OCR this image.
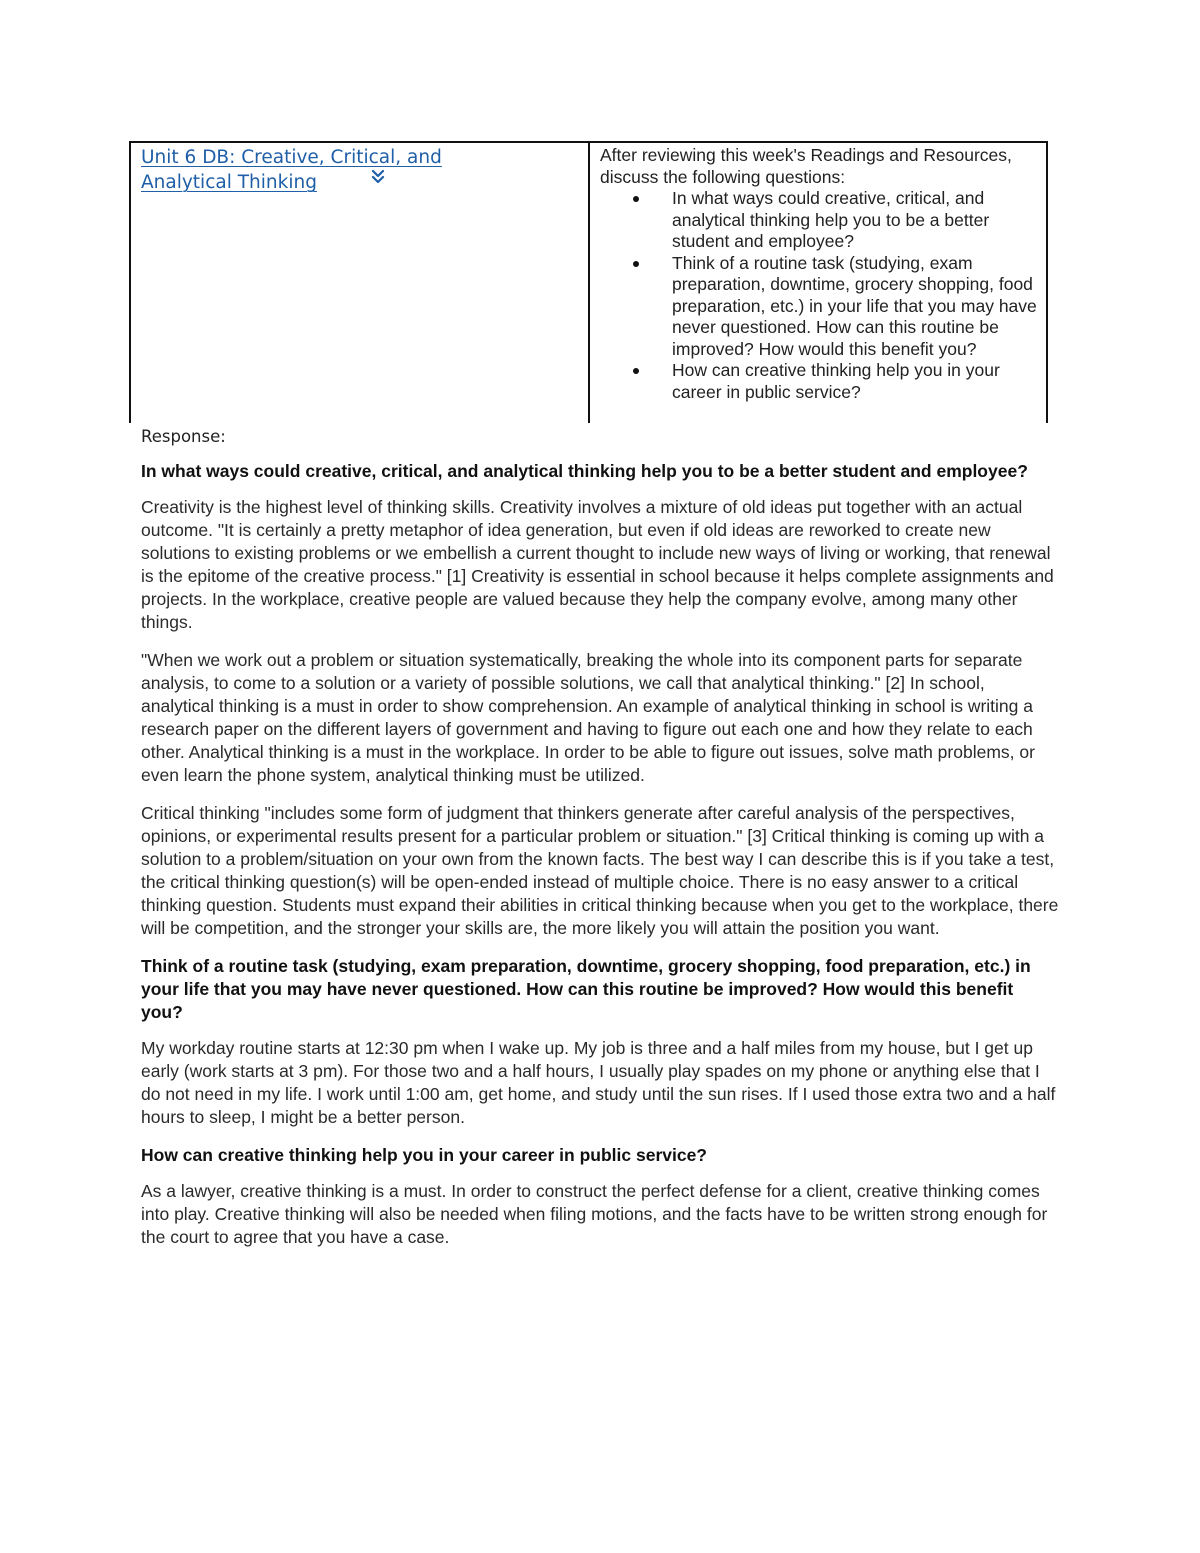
Unit 6 DB: Creative, Critical, and Analytical Thinking

After reviewing this week's Readings and Resources, discuss the following questions:

In what ways could creative, critical, and analytical thinking help you to be a better student and employee?
Think of a routine task (studying, exam preparation, downtime, grocery shopping, food preparation, etc.) in your life that you may have never questioned. How can this routine be improved? How would this benefit you?
How can creative thinking help you in your career in public service?

Response:

In what ways could creative, critical, and analytical thinking help you to be a better student and employee?

Creativity is the highest level of thinking skills. Creativity involves a mixture of old ideas put together with an actual outcome. "It is certainly a pretty metaphor of idea generation, but even if old ideas are reworked to create new solutions to existing problems or we embellish a current thought to include new ways of living or working, that renewal is the epitome of the creative process." [1] Creativity is essential in school because it helps complete assignments and projects. In the workplace, creative people are valued because they help the company evolve, among many other things.

"When we work out a problem or situation systematically, breaking the whole into its component parts for separate analysis, to come to a solution or a variety of possible solutions, we call that analytical thinking." [2] In school, analytical thinking is a must in order to show comprehension. An example of analytical thinking in school is writing a research paper on the different layers of government and having to figure out each one and how they relate to each other. Analytical thinking is a must in the workplace. In order to be able to figure out issues, solve math problems, or even learn the phone system, analytical thinking must be utilized.

Critical thinking "includes some form of judgment that thinkers generate after careful analysis of the perspectives, opinions, or experimental results present for a particular problem or situation." [3] Critical thinking is coming up with a solution to a problem/situation on your own from the known facts. The best way I can describe this is if you take a test, the critical thinking question(s) will be open-ended instead of multiple choice. There is no easy answer to a critical thinking question. Students must expand their abilities in critical thinking because when you get to the workplace, there will be competition, and the stronger your skills are, the more likely you will attain the position you want.

Think of a routine task (studying, exam preparation, downtime, grocery shopping, food preparation, etc.) in your life that you may have never questioned. How can this routine be improved? How would this benefit you?

My workday routine starts at 12:30 pm when I wake up. My job is three and a half miles from my house, but I get up early (work starts at 3 pm). For those two and a half hours, I usually play spades on my phone or anything else that I do not need in my life. I work until 1:00 am, get home, and study until the sun rises. If I used those extra two and a half hours to sleep, I might be a better person.

How can creative thinking help you in your career in public service?

As a lawyer, creative thinking is a must. In order to construct the perfect defense for a client, creative thinking comes into play. Creative thinking will also be needed when filing motions, and the facts have to be written strong enough for the court to agree that you have a case.
